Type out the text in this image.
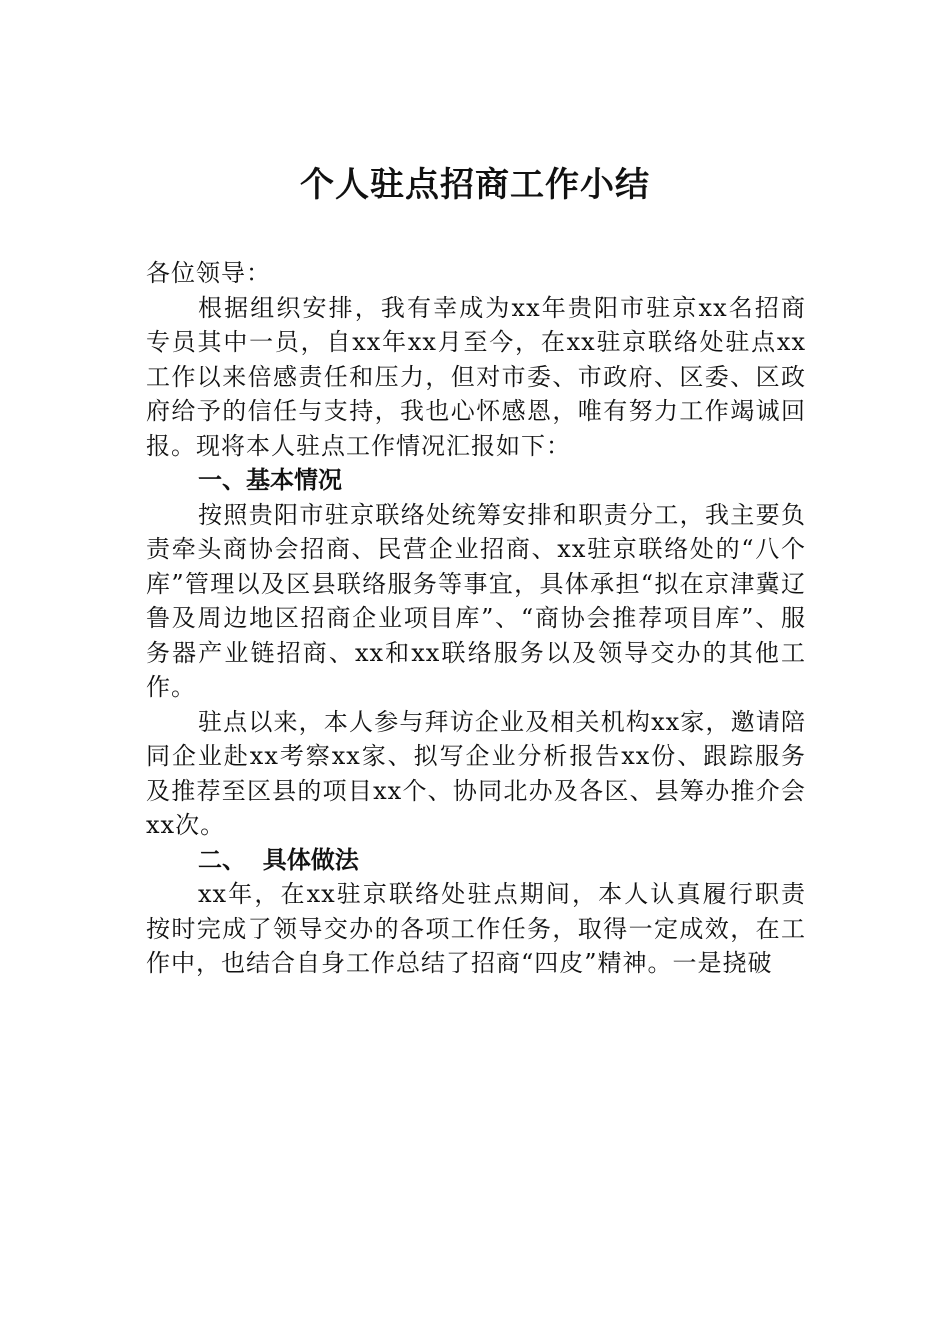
个人驻点招商工作小结

各位领导：

根据组织安排，我有幸成为xx年贵阳市驻京xx名招商专员其中一员，自xx年xx月至今，在xx驻京联络处驻点xx工作以来倍感责任和压力，但对市委、市政府、区委、区政府给予的信任与支持，我也心怀感恩，唯有努力工作竭诚回报。现将本人驻点工作情况汇报如下：

一、基本情况

按照贵阳市驻京联络处统筹安排和职责分工，我主要负责牵头商协会招商、民营企业招商、xx驻京联络处的“八个库”管理以及区县联络服务等事宜，具体承担“拟在京津冀辽鲁及周边地区招商企业项目库”、“商协会推荐项目库”、服务器产业链招商、xx和xx联络服务以及领导交办的其他工作。

驻点以来，本人参与拜访企业及相关机构xx家，邀请陪同企业赴xx考察xx家、拟写企业分析报告xx份、跟踪服务及推荐至区县的项目xx个、协同北办及各区、县筹办推介会xx次。

二、  具体做法

xx年，在xx驻京联络处驻点期间，本人认真履行职责按时完成了领导交办的各项工作任务，取得一定成效，在工作中，也结合自身工作总结了招商“四皮”精神。一是挠破
